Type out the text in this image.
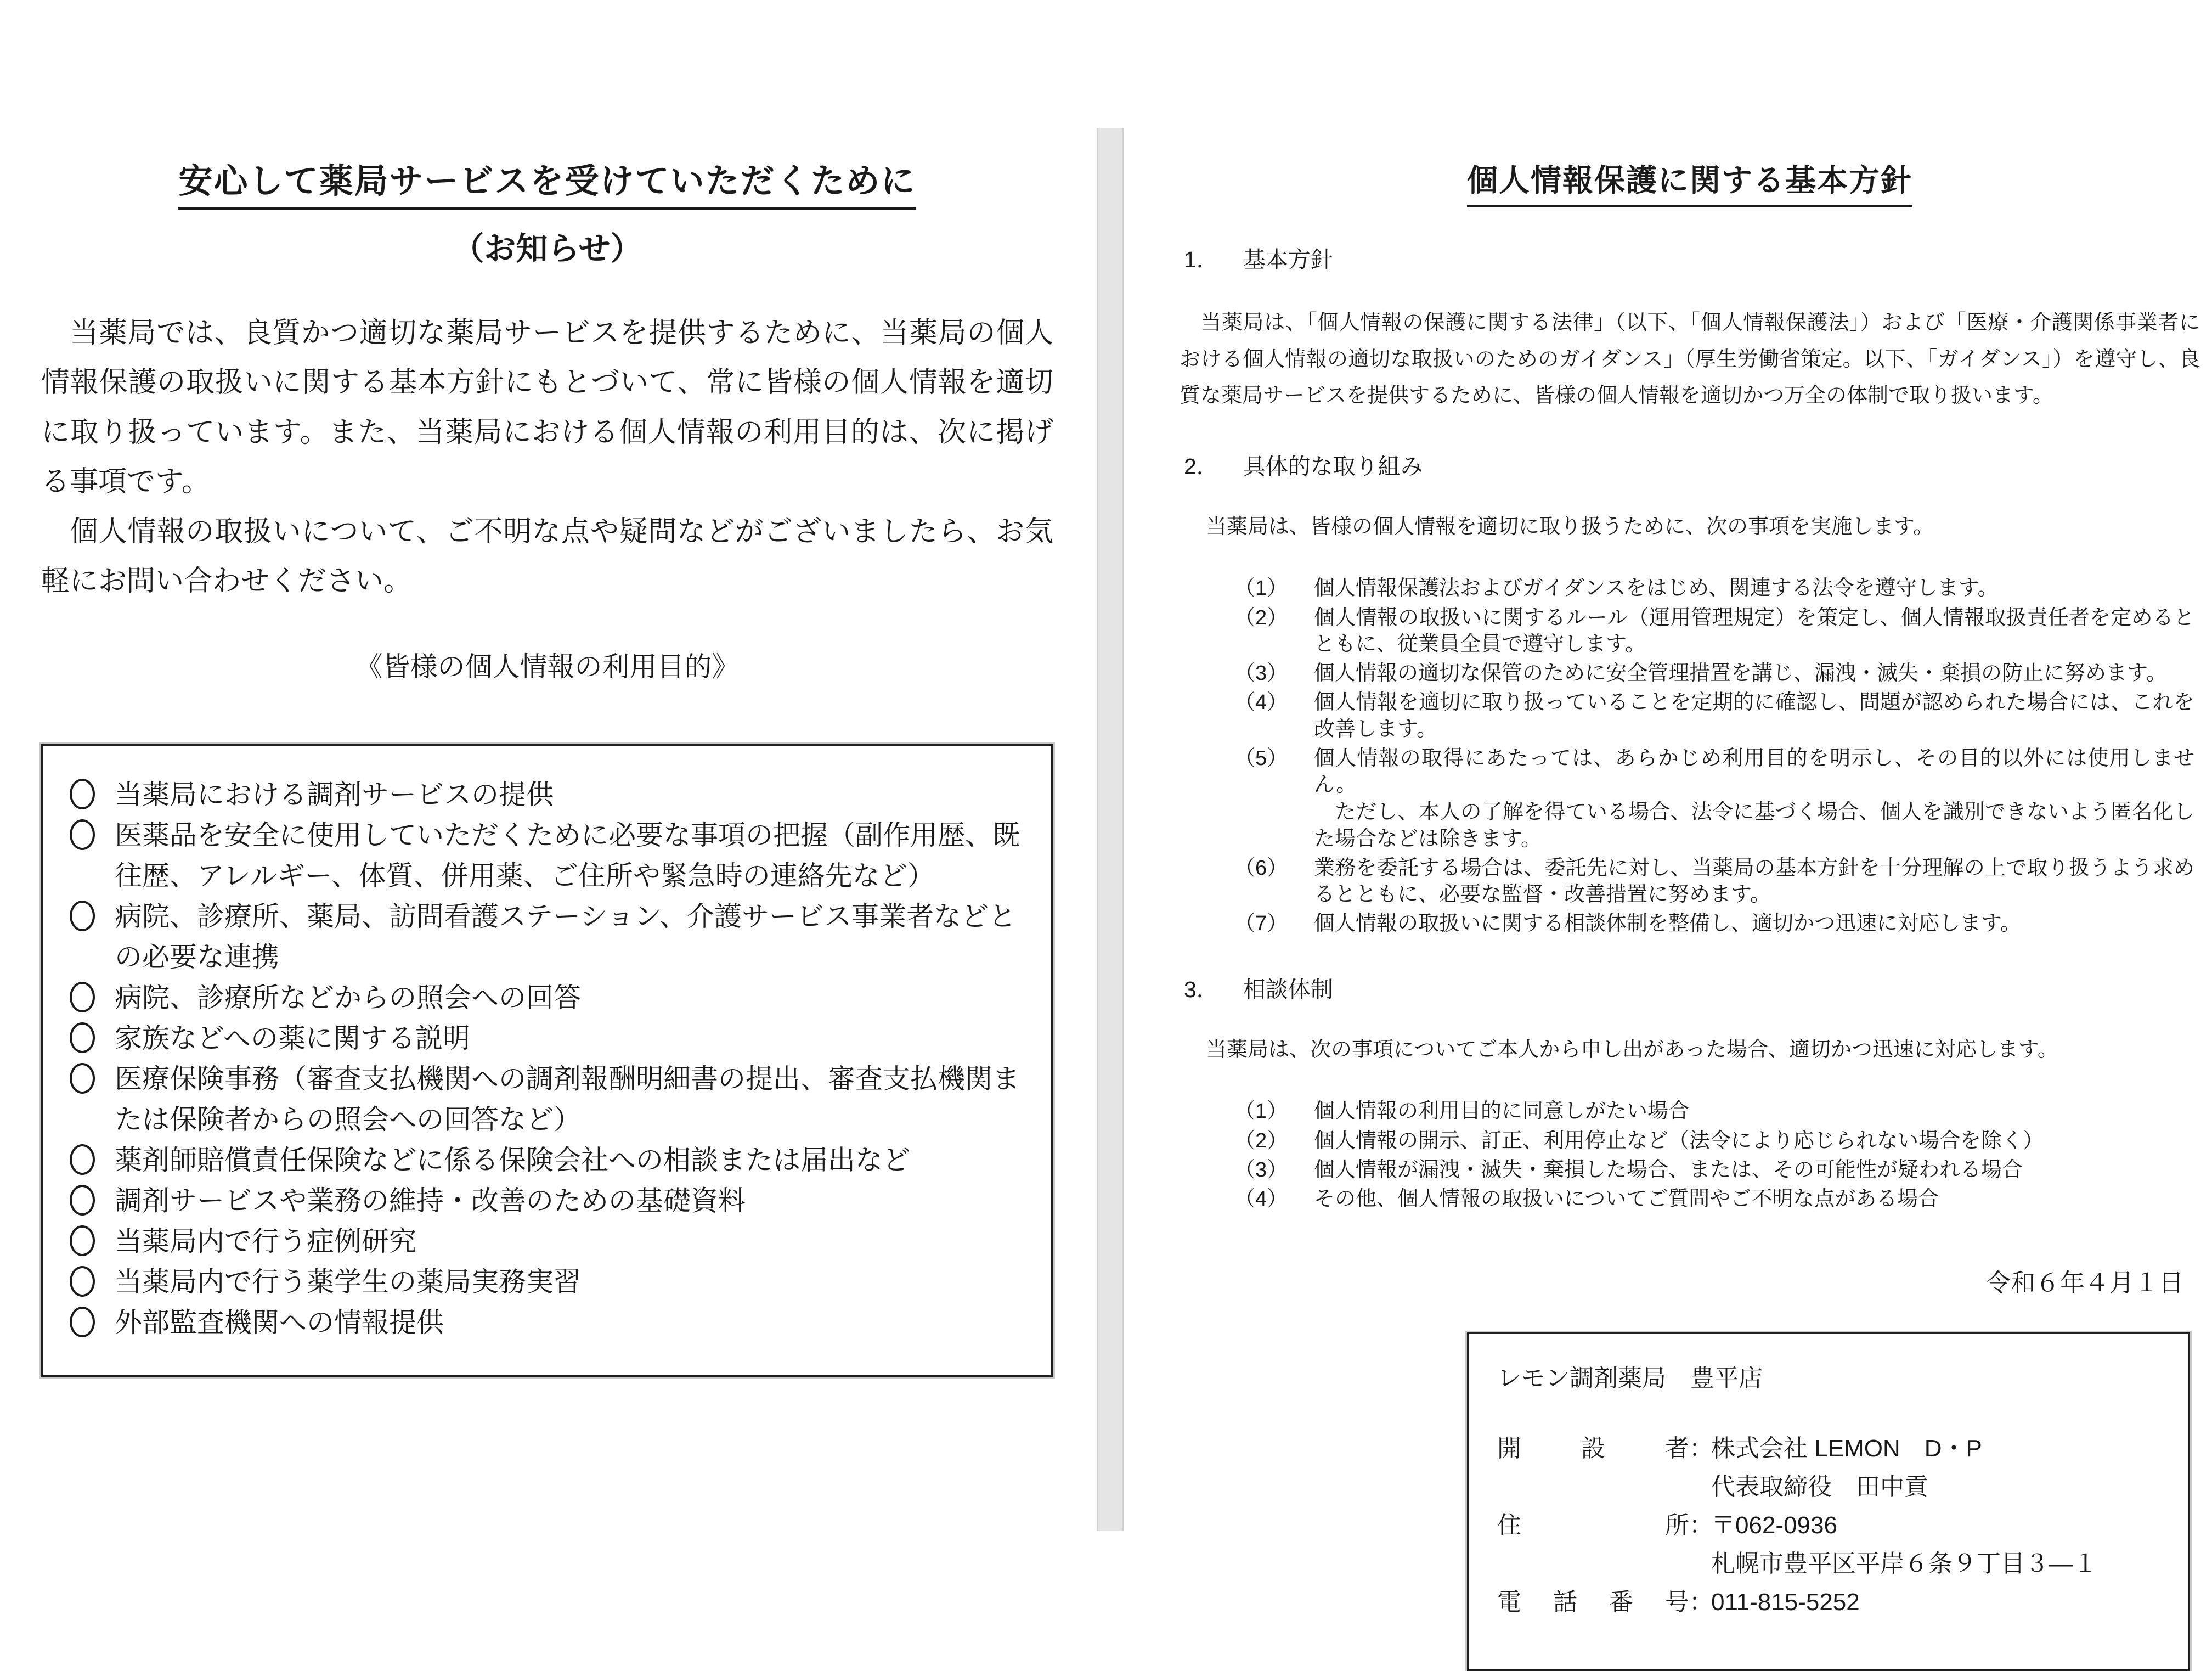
安心して薬局サービスを受けていただくために
（お知らせ）

当薬局では、良質かつ適切な薬局サービスを提供するために、当薬局の個人情報保護の取扱いに関する基本方針にもとづいて、常に皆様の個人情報を適切に取り扱っています。また、当薬局における個人情報の利用目的は、次に掲げる事項です。

個人情報の取扱いについて、ご不明な点や疑問などがございましたら、お気軽にお問い合わせください。

《皆様の個人情報の利用目的》
当薬局における調剤サービスの提供
医薬品を安全に使用していただくために必要な事項の把握（副作用歴、既往歴、アレルギー、体質、併用薬、ご住所や緊急時の連絡先など）
病院、診療所、薬局、訪問看護ステーション、介護サービス事業者などとの必要な連携
病院、診療所などからの照会への回答
家族などへの薬に関する説明
医療保険事務（審査支払機関への調剤報酬明細書の提出、審査支払機関または保険者からの照会への回答など）
薬剤師賠償責任保険などに係る保険会社への相談または届出など
調剤サービスや業務の維持・改善のための基礎資料
当薬局内で行う症例研究
当薬局内で行う薬学生の薬局実務実習
外部監査機関への情報提供
個人情報保護に関する基本方針
1． 基本方針

当薬局は、「個人情報の保護に関する法律」（以下、「個人情報保護法」）および「医療・介護関係事業者における個人情報の適切な取扱いのためのガイダンス」（厚生労働省策定。以下、「ガイダンス」）を遵守し、良質な薬局サービスを提供するために、皆様の個人情報を適切かつ万全の体制で取り扱います。

2． 具体的な取り組み
当薬局は、皆様の個人情報を適切に取り扱うために、次の事項を実施します。
（1）	個人情報保護法およびガイダンスをはじめ、関連する法令を遵守します。
（2）	個人情報の取扱いに関するルール（運用管理規定）を策定し、個人情報取扱責任者を定めるとともに、従業員全員で遵守します。
（3）	個人情報の適切な保管のために安全管理措置を講じ、漏洩・滅失・棄損の防止に努めます。
（4）	個人情報を適切に取り扱っていることを定期的に確認し、問題が認められた場合には、これを改善します。
（5）	個人情報の取得にあたっては、あらかじめ利用目的を明示し、その目的以外には使用しません。
ただし、本人の了解を得ている場合、法令に基づく場合、個人を識別できないよう匿名化した場合などは除きます。
（6）	業務を委託する場合は、委託先に対し、当薬局の基本方針を十分理解の上で取り扱うよう求めるとともに、必要な監督・改善措置に努めます。
（7）	個人情報の取扱いに関する相談体制を整備し、適切かつ迅速に対応します。
3． 相談体制
当薬局は、次の事項についてご本人から申し出があった場合、適切かつ迅速に対応します。
（1）	個人情報の利用目的に同意しがたい場合
（2）	個人情報の開示、訂正、利用停止など（法令により応じられない場合を除く）
（3）	個人情報が漏洩・滅失・棄損した場合、または、その可能性が疑われる場合
（4）	その他、個人情報の取扱いについてご質問やご不明な点がある場合
令和６年４月１日
レモン調剤薬局　豊平店
開　設　者 ：
株式会社 LEMON　D・P
代表取締役　田中貢
住　　所 ：
〒062-0936
札幌市豊平区平岸６条９丁目３―１
電　話　番　号 ：
011-815-5252
